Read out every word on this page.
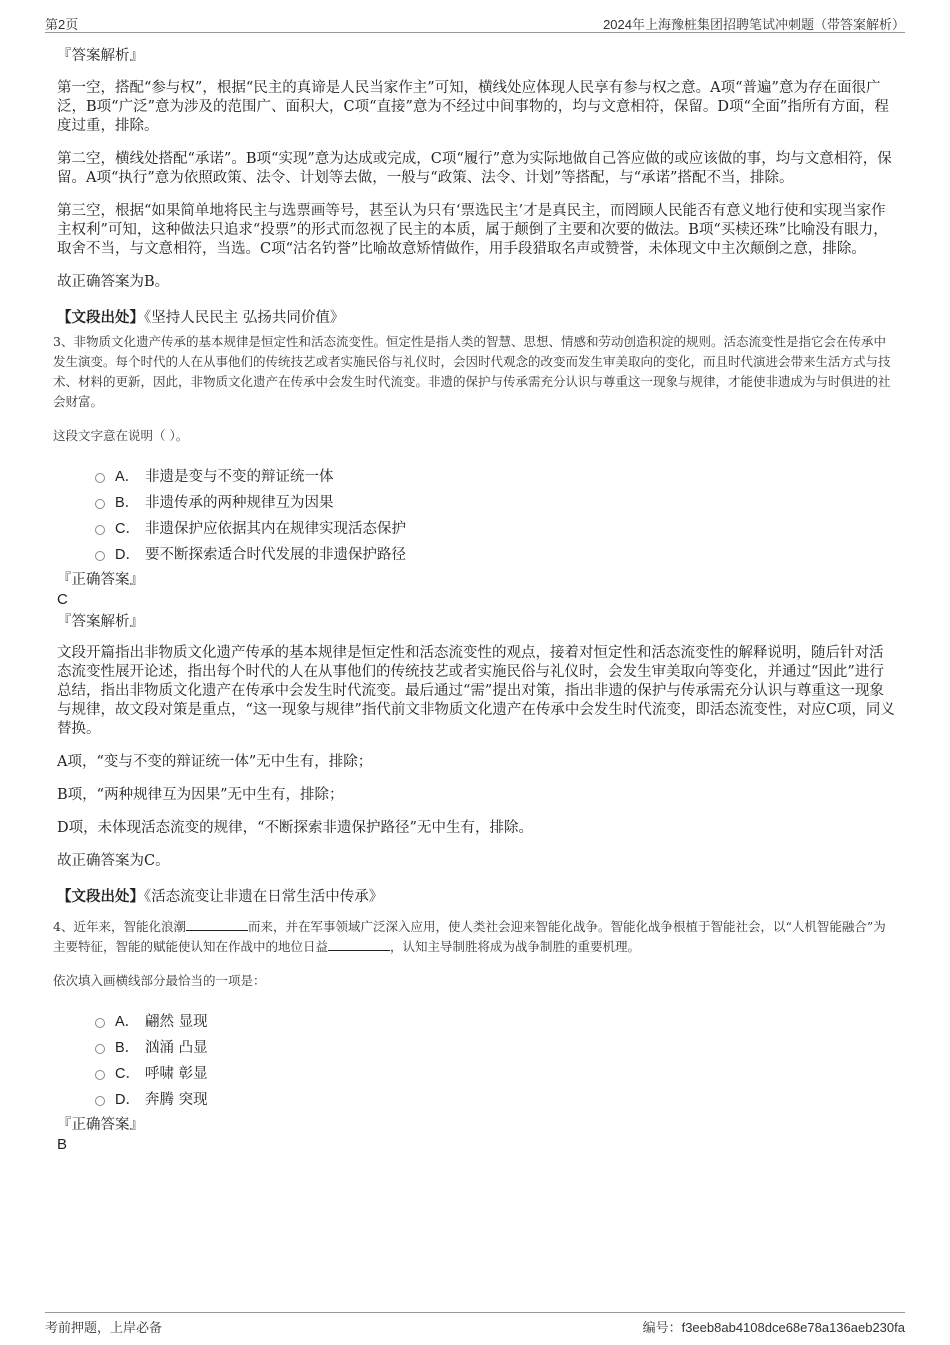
第2页	2024年上海豫桩集团招聘笔试冲刺题（带答案解析）

『答案解析』

第一空，搭配“参与权”，根据“民主的真谛是人民当家作主”可知，横线处应体现人民享有参与权之意。A项“普遍”意为存在面很广泛，B项“广泛”意为涉及的范围广、面积大，C项“直接”意为不经过中间事物的，均与文意相符，保留。D项“全面”指所有方面，程度过重，排除。

第二空，横线处搭配“承诺”。B项“实现”意为达成或完成，C项“履行”意为实际地做自己答应做的或应该做的事，均与文意相符，保留。A项“执行”意为依照政策、法令、计划等去做，一般与“政策、法令、计划”等搭配，与“承诺”搭配不当，排除。

第三空，根据“如果简单地将民主与选票画等号，甚至认为只有‘票选民主’才是真民主，而罔顾人民能否有意义地行使和实现当家作主权利”可知，这种做法只追求“投票”的形式而忽视了民主的本质，属于颠倒了主要和次要的做法。B项“买椟还珠”比喻没有眼力，取舍不当，与文意相符，当选。C项“沽名钓誉”比喻故意矫情做作，用手段猎取名声或赞誉，未体现文中主次颠倒之意，排除。

故正确答案为B。

【文段出处】《坚持人民民主 弘扬共同价值》

3、非物质文化遗产传承的基本规律是恒定性和活态流变性。恒定性是指人类的智慧、思想、情感和劳动创造积淀的规则。活态流变性是指它会在传承中发生演变。每个时代的人在从事他们的传统技艺或者实施民俗与礼仪时，会因时代观念的改变而发生审美取向的变化，而且时代演进会带来生活方式与技术、材料的更新，因此，非物质文化遗产在传承中会发生时代流变。非遗的保护与传承需充分认识与尊重这一现象与规律，才能使非遗成为与时俱进的社会财富。

这段文字意在说明（ ）。

A． 非遗是变与不变的辩证统一体
B． 非遗传承的两种规律互为因果
C． 非遗保护应依据其内在规律实现活态保护
D． 要不断探索适合时代发展的非遗保护路径

『正确答案』

C

『答案解析』

文段开篇指出非物质文化遗产传承的基本规律是恒定性和活态流变性的观点，接着对恒定性和活态流变性的解释说明，随后针对活态流变性展开论述，指出每个时代的人在从事他们的传统技艺或者实施民俗与礼仪时，会发生审美取向等变化，并通过“因此”进行总结，指出非物质文化遗产在传承中会发生时代流变。最后通过“需”提出对策，指出非遗的保护与传承需充分认识与尊重这一现象与规律，故文段对策是重点，“这一现象与规律”指代前文非物质文化遗产在传承中会发生时代流变，即活态流变性，对应C项，同义替换。

A项，“变与不变的辩证统一体”无中生有，排除；

B项，“两种规律互为因果”无中生有，排除；

D项，未体现活态流变的规律，“不断探索非遗保护路径”无中生有，排除。

故正确答案为C。

【文段出处】《活态流变让非遗在日常生活中传承》

4、近年来，智能化浪潮	而来，并在军事领域广泛深入应用，使人类社会迎来智能化战争。智能化战争根植于智能社会，以“人机智能融合”为主要特征，智能的赋能使认知在作战中的地位日益	，认知主导制胜将成为战争制胜的重要机理。

依次填入画横线部分最恰当的一项是：

A． 翩然 显现
B． 汹涌 凸显
C． 呼啸 彰显
D． 奔腾 突现

『正确答案』

B

考前押题，上岸必备	编号：f3eeb8ab4108dce68e78a136aeb230fa
